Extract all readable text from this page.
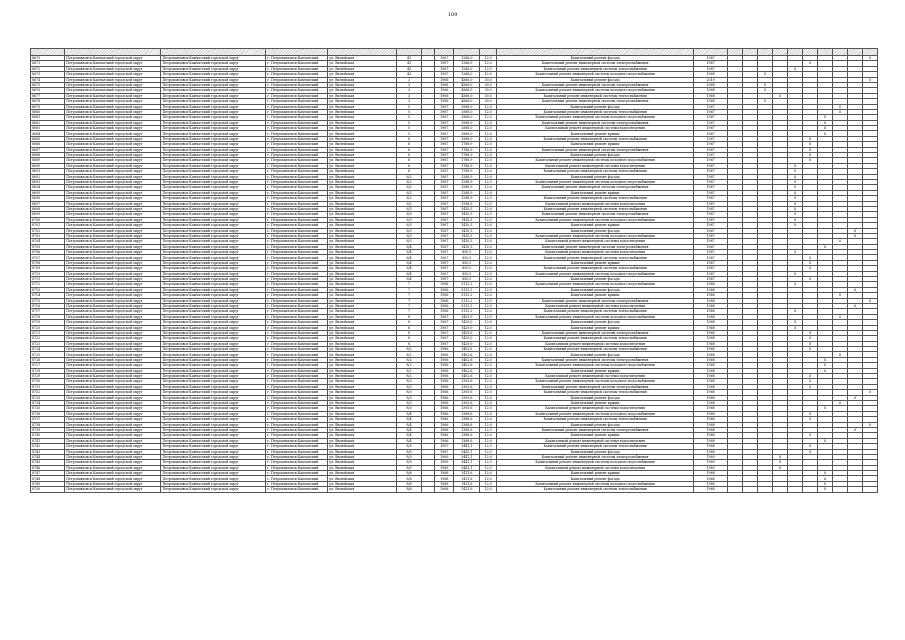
109

8670	Петропавловск-Камчатский городской округ	Петропавловск-Камчатский городской округ	г. Петропавловск-Камчатский	ул. Вилюйская	43		1967	1286,0	12,0	Капитальный ремонт фасада	1967										X
8671	Петропавловск-Камчатский городской округ	Петропавловск-Камчатский городской округ	г. Петропавловск-Камчатский	ул. Вилюйская	43		1967	1286,0	12,0	Капитальный ремонт инженерной системы электроснабжения	1967						X				
8672	Петропавловск-Камчатский городской округ	Петропавловск-Камчатский городской округ	г. Петропавловск-Камчатский	ул. Вилюйская	43		1967	1286,0	12,0	Капитальный ремонт инженерной системы теплоснабжения	1967					X					
8673	Петропавловск-Камчатский городской округ	Петропавловск-Камчатский городской округ	г. Петропавловск-Камчатский	ул. Вилюйская	43		1967	1286,0	12,0	Капитальный ремонт инженерной системы холодного водоснабжения	1968			X							
8674	Петропавловск-Камчатский городской округ	Петропавловск-Камчатский городской округ	г. Петропавловск-Камчатский	ул. Вилюйская	3		1966	4566,0	30,0	Капитальный ремонт фасада	2019										X
8675	Петропавловск-Камчатский городской округ	Петропавловск-Камчатский городской округ	г. Петропавловск-Камчатский	ул. Вилюйская	3		1966	4566,0	30,0	Капитальный ремонт инженерной системы электроснабжения	1968			X							
8676	Петропавловск-Камчатский городской округ	Петропавловск-Камчатский городской округ	г. Петропавловск-Камчатский	ул. Вилюйская	3		1966	4566,0	30,0	Капитальный ремонт инженерной системы холодного водоснабжения	1968			X							
8677	Петропавловск-Камчатский городской округ	Петропавловск-Камчатский городской округ	г. Петропавловск-Камчатский	ул. Вилюйская	3		1966	4566,0	30,0	Капитальный ремонт инженерной системы теплоснабжения	1968				X						
8678	Петропавловск-Камчатский городской округ	Петропавловск-Камчатский городской округ	г. Петропавловск-Камчатский	ул. Вилюйская	3		1966	4566,0	30,0	Капитальный ремонт инженерной системы электроснабжения	1968			X							
8679	Петропавловск-Камчатский городской округ	Петропавловск-Камчатский городской округ	г. Петропавловск-Камчатский	ул. Вилюйская	5		1967	3568,0	12,0	Капитальный ремонт фасада	1967								X		
8680	Петропавловск-Камчатский городской округ	Петропавловск-Камчатский городской округ	г. Петропавловск-Камчатский	ул. Вилюйская	5		1967	3568,0	12,0	Капитальный ремонт инженерной системы теплоснабжения	1967								X		
8681	Петропавловск-Камчатский городской округ	Петропавловск-Камчатский городской округ	г. Петропавловск-Камчатский	ул. Вилюйская	5		1967	3568,0	12,0	Капитальный ремонт инженерной системы холодного водоснабжения	1967							X			
8682	Петропавловск-Камчатский городской округ	Петропавловск-Камчатский городской округ	г. Петропавловск-Камчатский	ул. Вилюйская	5		1967	3568,0	12,0	Капитальный ремонт инженерной системы электроснабжения	1967							X			
8683	Петропавловск-Камчатский городской округ	Петропавловск-Камчатский городской округ	г. Петропавловск-Камчатский	ул. Вилюйская	5		1967	3568,0	12,0	Капитальный ремонт инженерной системы водоотведения	1967							X			
8684	Петропавловск-Камчатский городской округ	Петропавловск-Камчатский городской округ	г. Петропавловск-Камчатский	ул. Вилюйская	5		1967	3568,0	12,0	Капитальный ремонт крыши	1967							X			
8685	Петропавловск-Камчатский городской округ	Петропавловск-Камчатский городской округ	г. Петропавловск-Камчатский	ул. Вилюйская	6		1967	3568,0	12,0	Капитальный ремонт инженерной системы теплоснабжения	1967						X				
8686	Петропавловск-Камчатский городской округ	Петропавловск-Камчатский городской округ	г. Петропавловск-Камчатский	ул. Вилюйская	6		1967	1788,9	12,0	Капитальный ремонт крыши	1967						X				
8687	Петропавловск-Камчатский городской округ	Петропавловск-Камчатский городской округ	г. Петропавловск-Камчатский	ул. Вилюйская	6		1967	1788,9	12,0	Капитальный ремонт инженерной системы электроснабжения	1967						X				
8688	Петропавловск-Камчатский городской округ	Петропавловск-Камчатский городской округ	г. Петропавловск-Камчатский	ул. Вилюйская	6		1967	1788,9	12,0	Капитальный ремонт фасада	1967						X				
8689	Петропавловск-Камчатский городской округ	Петропавловск-Камчатский городской округ	г. Петропавловск-Камчатский	ул. Вилюйская	6		1967	1788,9	12,0	Капитальный ремонт инженерной системы холодного водоснабжения	1967						X				
8690	Петропавловск-Камчатский городской округ	Петропавловск-Камчатский городской округ	г. Петропавловск-Камчатский	ул. Вилюйская	6		1967	1788,9	12,0	Капитальный ремонт инженерной системы водоотведения	1967					X					
8691	Петропавловск-Камчатский городской округ	Петропавловск-Камчатский городской округ	г. Петропавловск-Камчатский	ул. Вилюйская	6		1967	1788,9	12,0	Капитальный ремонт инженерной системы теплоснабжения	1967					X					
8692	Петропавловск-Камчатский городской округ	Петропавловск-Камчатский городской округ	г. Петропавловск-Камчатский	ул. Вилюйская	6/2		1967	1288,9	12,0	Капитальный ремонт фасада	1967					X					
8693	Петропавловск-Камчатский городской округ	Петропавловск-Камчатский городской округ	г. Петропавловск-Камчатский	ул. Вилюйская	6/2		1967	1288,9	12,0	Капитальный ремонт инженерной системы холодного водоснабжения	1967					X					
8694	Петропавловск-Камчатский городской округ	Петропавловск-Камчатский городской округ	г. Петропавловск-Камчатский	ул. Вилюйская	6/2		1967	1288,9	12,0	Капитальный ремонт инженерной системы электроснабжения	1967					X					
8695	Петропавловск-Камчатский городской округ	Петропавловск-Камчатский городской округ	г. Петропавловск-Камчатский	ул. Вилюйская	6/2		1967	1288,9	12,0	Капитальный ремонт крыши	1967					X					
8696	Петропавловск-Камчатский городской округ	Петропавловск-Камчатский городской округ	г. Петропавловск-Камчатский	ул. Вилюйская	6/2		1967	1288,9	12,0	Капитальный ремонт инженерной системы теплоснабжения	1967					X					
8697	Петропавловск-Камчатский городской округ	Петропавловск-Камчатский городской округ	г. Петропавловск-Камчатский	ул. Вилюйская	6/2		1967	1288,9	12,0	Капитальный ремонт инженерной системы водоотведения	1967					X					
8698	Петропавловск-Камчатский городской округ	Петропавловск-Камчатский городской округ	г. Петропавловск-Камчатский	ул. Вилюйская	6/3		1967	1410,5	12,0	Капитальный ремонт инженерной системы теплоснабжения	1967					X					
8699	Петропавловск-Камчатский городской округ	Петропавловск-Камчатский городской округ	г. Петропавловск-Камчатский	ул. Вилюйская	6/3		1967	1410,5	12,0	Капитальный ремонт инженерной системы электроснабжения	1967					X					
8700	Петропавловск-Камчатский городской округ	Петропавловск-Камчатский городской округ	г. Петропавловск-Камчатский	ул. Вилюйская	6/3		1967	1410,5	12,0	Капитальный ремонт инженерной системы холодного водоснабжения	1967					X					
8701	Петропавловск-Камчатский городской округ	Петропавловск-Камчатский городской округ	г. Петропавловск-Камчатский	ул. Вилюйская	6/3		1967	1410,5	12,0	Капитальный ремонт крыши	1967					X					
8702	Петропавловск-Камчатский городской округ	Петропавловск-Камчатский городской округ	г. Петропавловск-Камчатский	ул. Вилюйская	6/3		1967	1410,5	12,0	Капитальный ремонт фасада	1967									X	
8703	Петропавловск-Камчатский городской округ	Петропавловск-Камчатский городской округ	г. Петропавловск-Камчатский	ул. Вилюйская	6/3		1967	1410,5	12,0	Капитальный ремонт инженерной системы холодного водоснабжения	1967									X	
8704	Петропавловск-Камчатский городской округ	Петропавловск-Камчатский городской округ	г. Петропавловск-Камчатский	ул. Вилюйская	6/3		1967	1410,5	12,0	Капитальный ремонт инженерной системы водоотведения	1967								X		
8705	Петропавловск-Камчатский городской округ	Петропавловск-Камчатский городской округ	г. Петропавловск-Камчатский	ул. Вилюйская	6/4		1967	1410,5	12,0	Капитальный ремонт инженерной системы электроснабжения	1967							X			
8706	Петропавловск-Камчатский городской округ	Петропавловск-Камчатский городской округ	г. Петропавловск-Камчатский	ул. Вилюйская	6/4		1967	850,5	12,0	Капитальный ремонт инженерной системы водоотведения	1967					X					
8707	Петропавловск-Камчатский городской округ	Петропавловск-Камчатский городской округ	г. Петропавловск-Камчатский	ул. Вилюйская	6/4		1967	850,5	12,0	Капитальный ремонт инженерной системы теплоснабжения	1967						X				
8708	Петропавловск-Камчатский городской округ	Петропавловск-Камчатский городской округ	г. Петропавловск-Камчатский	ул. Вилюйская	6/4		1967	850,5	12,0	Капитальный ремонт крыши	1967						X				
8709	Петропавловск-Камчатский городской округ	Петропавловск-Камчатский городской округ	г. Петропавловск-Камчатский	ул. Вилюйская	6/4		1967	850,5	12,0	Капитальный ремонт инженерной системы теплоснабжения	1967						X				
8710	Петропавловск-Камчатский городской округ	Петропавловск-Камчатский городской округ	г. Петропавловск-Камчатский	ул. Вилюйская	6/4		1967	850,5	12,0	Капитальный ремонт инженерной системы холодного водоснабжения	1967					X					
8711	Петропавловск-Камчатский городской округ	Петропавловск-Камчатский городской округ	г. Петропавловск-Камчатский	ул. Вилюйская	6/4		1967	850,5	12,0	Капитальный ремонт фасада	1967						X				
8712	Петропавловск-Камчатский городской округ	Петропавловск-Камчатский городской округ	г. Петропавловск-Камчатский	ул. Вилюйская	7		1966	3112,2	12,0	Капитальный ремонт инженерной системы холодного водоснабжения	1968					X					
8713	Петропавловск-Камчатский городской округ	Петропавловск-Камчатский городской округ	г. Петропавловск-Камчатский	ул. Вилюйская	7		1966	3112,2	12,0	Капитальный ремонт фасада	1968									X	
8714	Петропавловск-Камчатский городской округ	Петропавловск-Камчатский городской округ	г. Петропавловск-Камчатский	ул. Вилюйская	7		1966	3112,2	12,0	Капитальный ремонт крыши	1968								X		
8715	Петропавловск-Камчатский городской округ	Петропавловск-Камчатский городской округ	г. Петропавловск-Камчатский	ул. Вилюйская	7		1966	3112,2	12,0	Капитальный ремонт инженерной системы электроснабжения	1968										X
8716	Петропавловск-Камчатский городской округ	Петропавловск-Камчатский городской округ	г. Петропавловск-Камчатский	ул. Вилюйская	7		1966	3112,2	12,0	Капитальный ремонт инженерной системы водоотведения	1968									X	
8717	Петропавловск-Камчатский городской округ	Петропавловск-Камчатский городской округ	г. Петропавловск-Камчатский	ул. Вилюйская	7		1966	3112,2	12,0	Капитальный ремонт инженерной системы теплоснабжения	1968					X					
8718	Петропавловск-Камчатский городской округ	Петропавловск-Камчатский городской округ	г. Петропавловск-Камчатский	ул. Вилюйская	8		1967	1429,0	12,0	Капитальный ремонт инженерной системы холодного водоснабжения	1968								X		
8719	Петропавловск-Камчатский городской округ	Петропавловск-Камчатский городской округ	г. Петропавловск-Камчатский	ул. Вилюйская	8		1967	1429,0	12,0	Капитальный ремонт фасада	1968					X					
8720	Петропавловск-Камчатский городской округ	Петропавловск-Камчатский городской округ	г. Петропавловск-Камчатский	ул. Вилюйская	8		1967	1429,0	12,0	Капитальный ремонт крыши	1968					X					
8721	Петропавловск-Камчатский городской округ	Петропавловск-Камчатский городской округ	г. Петропавловск-Камчатский	ул. Вилюйская	8		1967	1429,0	12,0	Капитальный ремонт инженерной системы электроснабжения	1968						X				
8722	Петропавловск-Камчатский городской округ	Петропавловск-Камчатский городской округ	г. Петропавловск-Камчатский	ул. Вилюйская	8		1967	1429,0	12,0	Капитальный ремонт инженерной системы теплоснабжения	1968						X				
8723	Петропавловск-Камчатский городской округ	Петропавловск-Камчатский городской округ	г. Петропавловск-Камчатский	ул. Вилюйская	8		1967	1429,0	12,0	Капитальный ремонт инженерной системы водоотведения	1968						X				
8724	Петропавловск-Камчатский городской округ	Петропавловск-Камчатский городской округ	г. Петропавловск-Камчатский	ул. Вилюйская	8/2		1966	1402,6	12,0	Капитальный ремонт инженерной системы теплоснабжения	1968						X				
8725	Петропавловск-Камчатский городской округ	Петропавловск-Камчатский городской округ	г. Петропавловск-Камчатский	ул. Вилюйская	8/2		1966	1402,6	12,0	Капитальный ремонт фасада	1968								X		
8726	Петропавловск-Камчатский городской округ	Петропавловск-Камчатский городской округ	г. Петропавловск-Камчатский	ул. Вилюйская	8/2		1966	1402,6	12,0	Капитальный ремонт инженерной системы электроснабжения	1968							X			
8727	Петропавловск-Камчатский городской округ	Петропавловск-Камчатский городской округ	г. Петропавловск-Камчатский	ул. Вилюйская	8/2		1966	1402,6	12,0	Капитальный ремонт инженерной системы холодного водоснабжения	1968							X			
8728	Петропавловск-Камчатский городской округ	Петропавловск-Камчатский городской округ	г. Петропавловск-Камчатский	ул. Вилюйская	8/2		1966	1402,6	12,0	Капитальный ремонт крыши	1968							X			
8729	Петропавловск-Камчатский городской округ	Петропавловск-Камчатский городской округ	г. Петропавловск-Камчатский	ул. Вилюйская	8/2		1966	1402,6	12,0	Капитальный ремонт инженерной системы водоотведения	1968						X				
8730	Петропавловск-Камчатский городской округ	Петропавловск-Камчатский городской округ	г. Петропавловск-Камчатский	ул. Вилюйская	8/3		1966	1393,6	12,0	Капитальный ремонт инженерной системы холодного водоснабжения	1968						X				
8731	Петропавловск-Камчатский городской округ	Петропавловск-Камчатский городской округ	г. Петропавловск-Камчатский	ул. Вилюйская	8/3		1966	1393,6	12,0	Капитальный ремонт инженерной системы электроснабжения	1968						X				
8732	Петропавловск-Камчатский городской округ	Петропавловск-Камчатский городской округ	г. Петропавловск-Камчатский	ул. Вилюйская	8/3		1966	1393,6	12,0	Капитальный ремонт инженерной системы теплоснабжения	1968										X
8733	Петропавловск-Камчатский городской округ	Петропавловск-Камчатский городской округ	г. Петропавловск-Камчатский	ул. Вилюйская	8/3		1966	1393,6	12,0	Капитальный ремонт фасада	1968									X	
8734	Петропавловск-Камчатский городской округ	Петропавловск-Камчатский городской округ	г. Петропавловск-Камчатский	ул. Вилюйская	8/3		1966	1393,6	12,0	Капитальный ремонт крыши	1968								X		
8735	Петропавловск-Камчатский городской округ	Петропавловск-Камчатский городской округ	г. Петропавловск-Камчатский	ул. Вилюйская	8/3		1966	1393,6	12,0	Капитальный ремонт инженерной системы водоотведения	1968							X			
8736	Петропавловск-Камчатский городской округ	Петропавловск-Камчатский городской округ	г. Петропавловск-Камчатский	ул. Вилюйская	8/4		1966	1388,6	12,0	Капитальный ремонт инженерной системы холодного водоснабжения	1968						X				
8737	Петропавловск-Камчатский городской округ	Петропавловск-Камчатский городской округ	г. Петропавловск-Камчатский	ул. Вилюйская	8/4		1966	1388,6	12,0	Капитальный ремонт инженерной системы теплоснабжения	1968						X				
8738	Петропавловск-Камчатский городской округ	Петропавловск-Камчатский городской округ	г. Петропавловск-Камчатский	ул. Вилюйская	8/4		1966	1388,6	12,0	Капитальный ремонт фасада	1968										X
8739	Петропавловск-Камчатский городской округ	Петропавловск-Камчатский городской округ	г. Петропавловск-Камчатский	ул. Вилюйская	8/4		1966	1388,6	12,0	Капитальный ремонт инженерной системы электроснабжения	1968									X	
8740	Петропавловск-Камчатский городской округ	Петропавловск-Камчатский городской округ	г. Петропавловск-Камчатский	ул. Вилюйская	8/4		1966	1388,6	12,0	Капитальный ремонт крыши	1968						X				
8741	Петропавловск-Камчатский городской округ	Петропавловск-Камчатский городской округ	г. Петропавловск-Камчатский	ул. Вилюйская	8/4		1966	1388,6	12,0	Капитальный ремонт инженерной системы водоотведения	1968							X			
8742	Петропавловск-Камчатский городской округ	Петропавловск-Камчатский городской округ	г. Петропавловск-Камчатский	ул. Вилюйская	8/5		1967	3441,1	12,0	Капитальный ремонт инженерной системы теплоснабжения	1968						X				
8743	Петропавловск-Камчатский городской округ	Петропавловск-Камчатский городской округ	г. Петропавловск-Камчатский	ул. Вилюйская	8/5		1967	3441,1	12,0	Капитальный ремонт фасада	1968						X				
8744	Петропавловск-Камчатский городской округ	Петропавловск-Камчатский городской округ	г. Петропавловск-Камчатский	ул. Вилюйская	8/5		1969	3441,1	12,0	Капитальный ремонт инженерной системы электроснабжения	1969				X						
8745	Петропавловск-Камчатский городской округ	Петропавловск-Камчатский городской округ	г. Петропавловск-Камчатский	ул. Вилюйская	8/5		1969	3441,1	12,0	Капитальный ремонт инженерной системы холодного водоснабжения	1969				X						
8746	Петропавловск-Камчатский городской округ	Петропавловск-Камчатский городской округ	г. Петропавловск-Камчатский	ул. Вилюйская	8/5		1969	3441,1	12,0	Капитальный ремонт инженерной системы водоотведения	1969				X						
8747	Петропавловск-Камчатский городской округ	Петропавловск-Камчатский городской округ	г. Петропавловск-Камчатский	ул. Вилюйская	8/6		1968	1411,6	12,0	Капитальный ремонт крыши	1968							X			
8748	Петропавловск-Камчатский городской округ	Петропавловск-Камчатский городской округ	г. Петропавловск-Камчатский	ул. Вилюйская	8/6		1968	1411,6	12,0	Капитальный ремонт фасада	1968							X			
8749	Петропавловск-Камчатский городской округ	Петропавловск-Камчатский городской округ	г. Петропавловск-Камчатский	ул. Вилюйская	8/6		1968	1411,6	12,0	Капитальный ремонт инженерной системы холодного водоснабжения	1968							X			
8750	Петропавловск-Камчатский городской округ	Петропавловск-Камчатский городской округ	г. Петропавловск-Камчатский	ул. Вилюйская	8/6		1968	1411,6	12,0	Капитальный ремонт инженерной системы теплоснабжения	1968							X			
